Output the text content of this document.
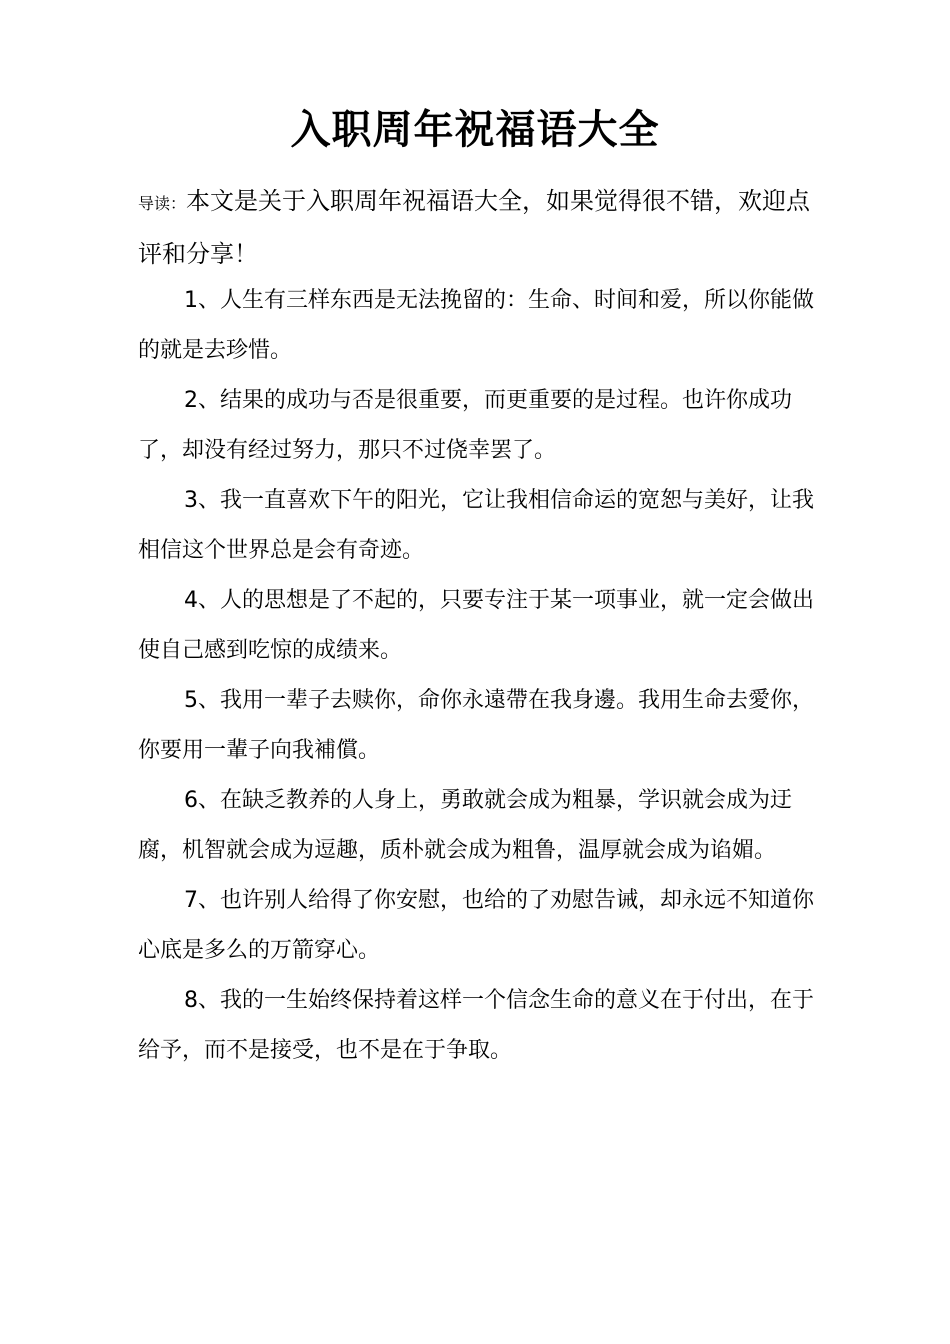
入职周年祝福语大全

导读：本文是关于入职周年祝福语大全，如果觉得很不错，欢迎点评和分享！

1、人生有三样东西是无法挽留的：生命、时间和爱，所以你能做的就是去珍惜。

2、结果的成功与否是很重要，而更重要的是过程。也许你成功了，却没有经过努力，那只不过侥幸罢了。

3、我一直喜欢下午的阳光，它让我相信命运的宽恕与美好，让我相信这个世界总是会有奇迹。

4、人的思想是了不起的，只要专注于某一项事业，就一定会做出使自己感到吃惊的成绩来。

5、我用一辈子去赎你，命你永遠帶在我身邊。我用生命去愛你，你要用一輩子向我補償。

6、在缺乏教养的人身上，勇敢就会成为粗暴，学识就会成为迂

腐，机智就会成为逗趣，质朴就会成为粗鲁，温厚就会成为谄媚。

7、也许别人给得了你安慰，也给的了劝慰告诫，却永远不知道你心底是多么的万箭穿心。

8、我的一生始终保持着这样一个信念生命的意义在于付出，在于给予，而不是接受，也不是在于争取。
